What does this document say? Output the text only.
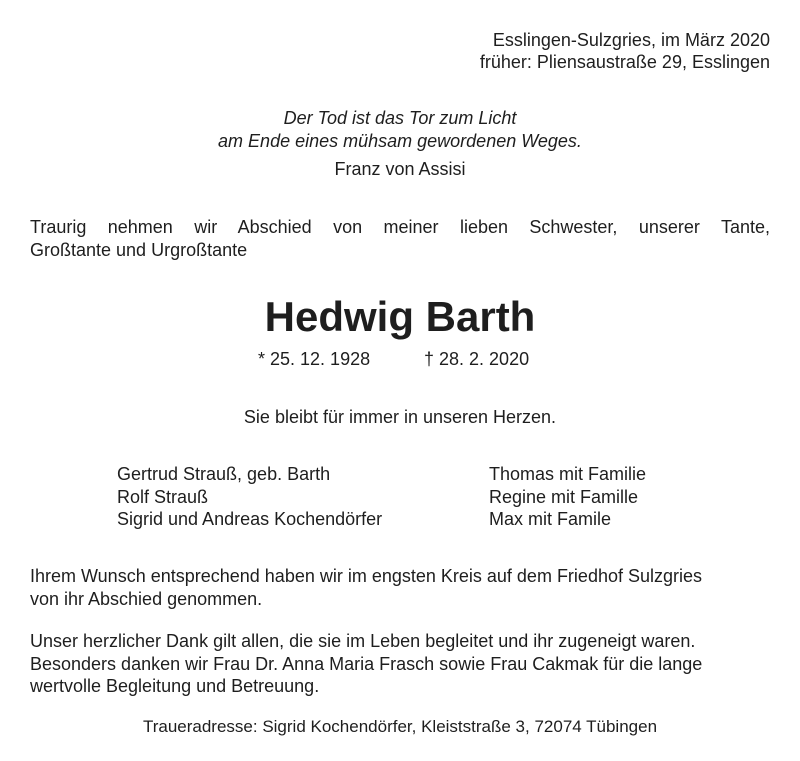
Esslingen-Sulzgries, im März 2020
früher: Pliensaustraße 29, Esslingen
Der Tod ist das Tor zum Licht
am Ende eines mühsam gewordenen Weges.
Franz von Assisi
Traurig nehmen wir Abschied von meiner lieben Schwester, unserer Tante,
Großtante und Urgroßtante
Hedwig Barth
* 25. 12. 1928	† 28. 2. 2020
Sie bleibt für immer in unseren Herzen.
Gertrud Strauß, geb. Barth
Rolf Strauß
Sigrid und Andreas Kochendörfer
Thomas mit Familie
Regine mit Famille
Max mit Famile
Ihrem Wunsch entsprechend haben wir im engsten Kreis auf dem Friedhof Sulzgries
von ihr Abschied genommen.
Unser herzlicher Dank gilt allen, die sie im Leben begleitet und ihr zugeneigt waren.
Besonders danken wir Frau Dr. Anna Maria Frasch sowie Frau Cakmak für die lange
wertvolle Begleitung und Betreuung.
Traueradresse: Sigrid Kochendörfer, Kleiststraße 3, 72074 Tübingen
